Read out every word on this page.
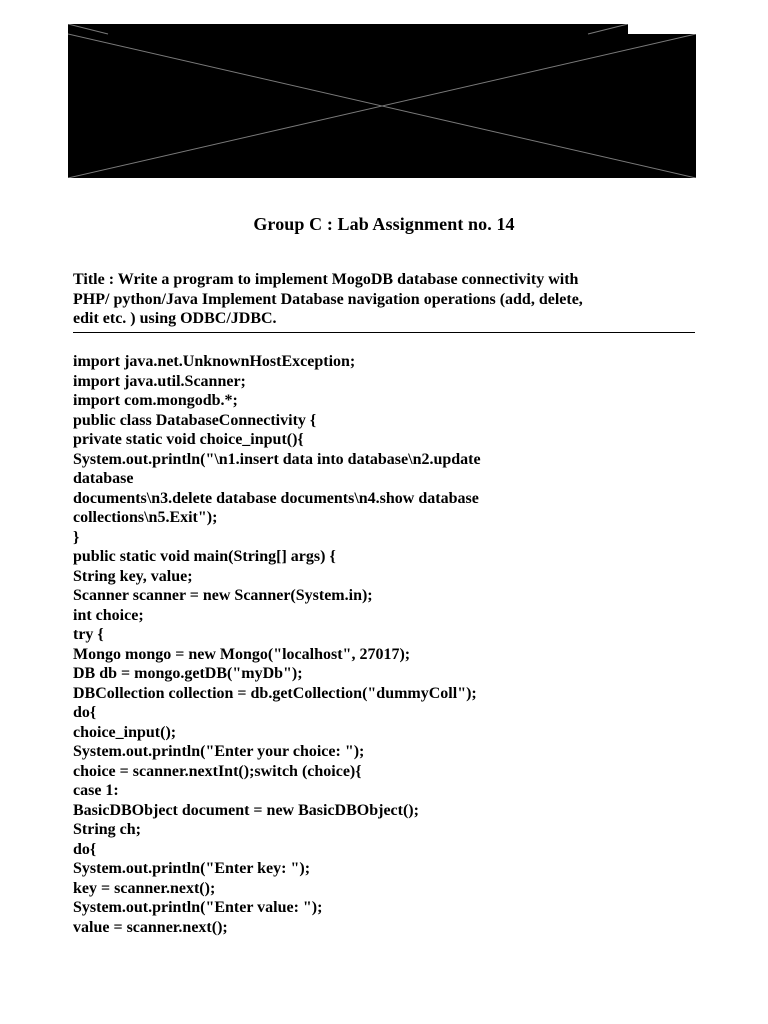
Group C : Lab Assignment no. 14
Title : Write a program to implement MogoDB database connectivity with
PHP/ python/Java Implement Database navigation operations (add, delete,
edit etc. ) using ODBC/JDBC.
import java.net.UnknownHostException;
import java.util.Scanner;
import com.mongodb.*;
public class DatabaseConnectivity {
private static void choice_input(){
System.out.println("\n1.insert data into database\n2.update
database
documents\n3.delete database documents\n4.show database
collections\n5.Exit");
}
public static void main(String[] args) {
String key, value;
Scanner scanner = new Scanner(System.in);
int choice;
try {
Mongo mongo = new Mongo("localhost", 27017);
DB db = mongo.getDB("myDb");
DBCollection collection = db.getCollection("dummyColl");
do{
choice_input();
System.out.println("Enter your choice: ");
choice = scanner.nextInt();switch (choice){
case 1:
BasicDBObject document = new BasicDBObject();
String ch;
do{
System.out.println("Enter key: ");
key = scanner.next();
System.out.println("Enter value: ");
value = scanner.next();
